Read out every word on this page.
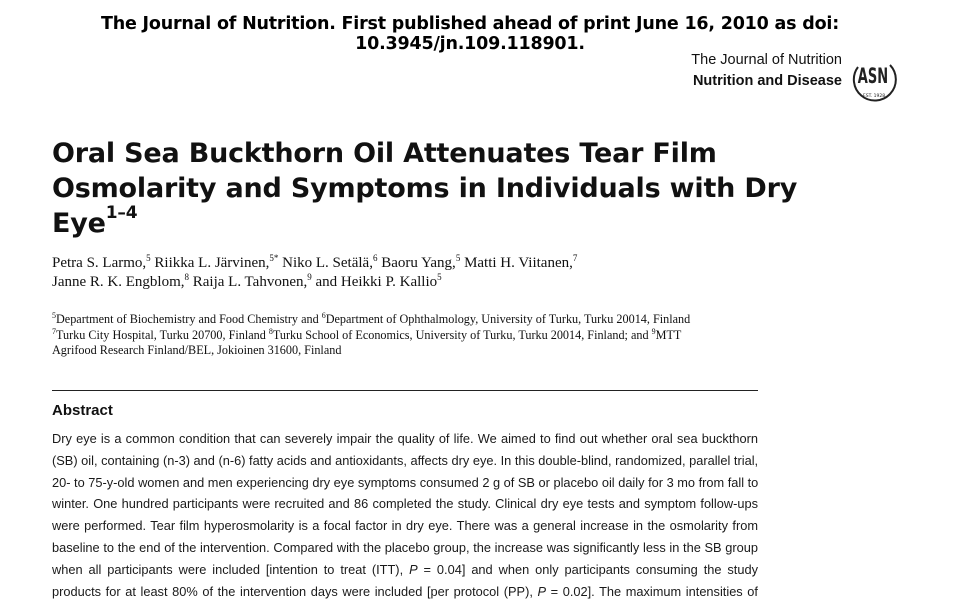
The Journal of Nutrition. First published ahead of print June 16, 2010 as doi: 10.3945/jn.109.118901.
The Journal of Nutrition
Nutrition and Disease ASN
EST. 1928
Oral Sea Buckthorn Oil Attenuates Tear Film Osmolarity and Symptoms in Individuals with Dry Eye$^{1-4}$
Petra S. Larmo,$^5$ Riikka L. Järvinen,$^{5*}$ Niko L. Setälä,$^6$ Baoru Yang,$^5$ Matti H. Viitanen,$^7$
Janne R. K. Engblom,$^8$ Raija L. Tahvonen,$^9$ and Heikki P. Kallio$^5$
$^5$Department of Biochemistry and Food Chemistry and $^6$Department of Ophthalmology, University of Turku, Turku 20014, Finland
$^7$Turku City Hospital, Turku 20700, Finland $^8$Turku School of Economics, University of Turku, Turku 20014, Finland; and $^9$MTT
Agrifood Research Finland/BEL, Jokioinen 31600, Finland
Abstract
Dry eye is a common condition that can severely impair the quality of life. We aimed to find out whether oral sea buckthorn
(SB) oil, containing (n-3) and (n-6) fatty acids and antioxidants, affects dry eye. In this double-blind, randomized, parallel trial,
20- to 75-y-old women and men experiencing dry eye symptoms consumed 2 g of SB or placebo oil daily for 3 mo from fall to
winter. One hundred participants were recruited and 86 completed the study. Clinical dry eye tests and symptom follow-ups
were performed. Tear film hyperosmolarity is a focal factor in dry eye. There was a general increase in the osmolarity from
baseline to the end of the intervention. Compared with the placebo group, the increase was significantly less in the SB group
when all participants were included [intention to treat (ITT), P = 0.04] and when only participants consuming the study
products for at least 80% of the intervention days were included [per protocol (PP), P = 0.02]. The maximum intensities of
